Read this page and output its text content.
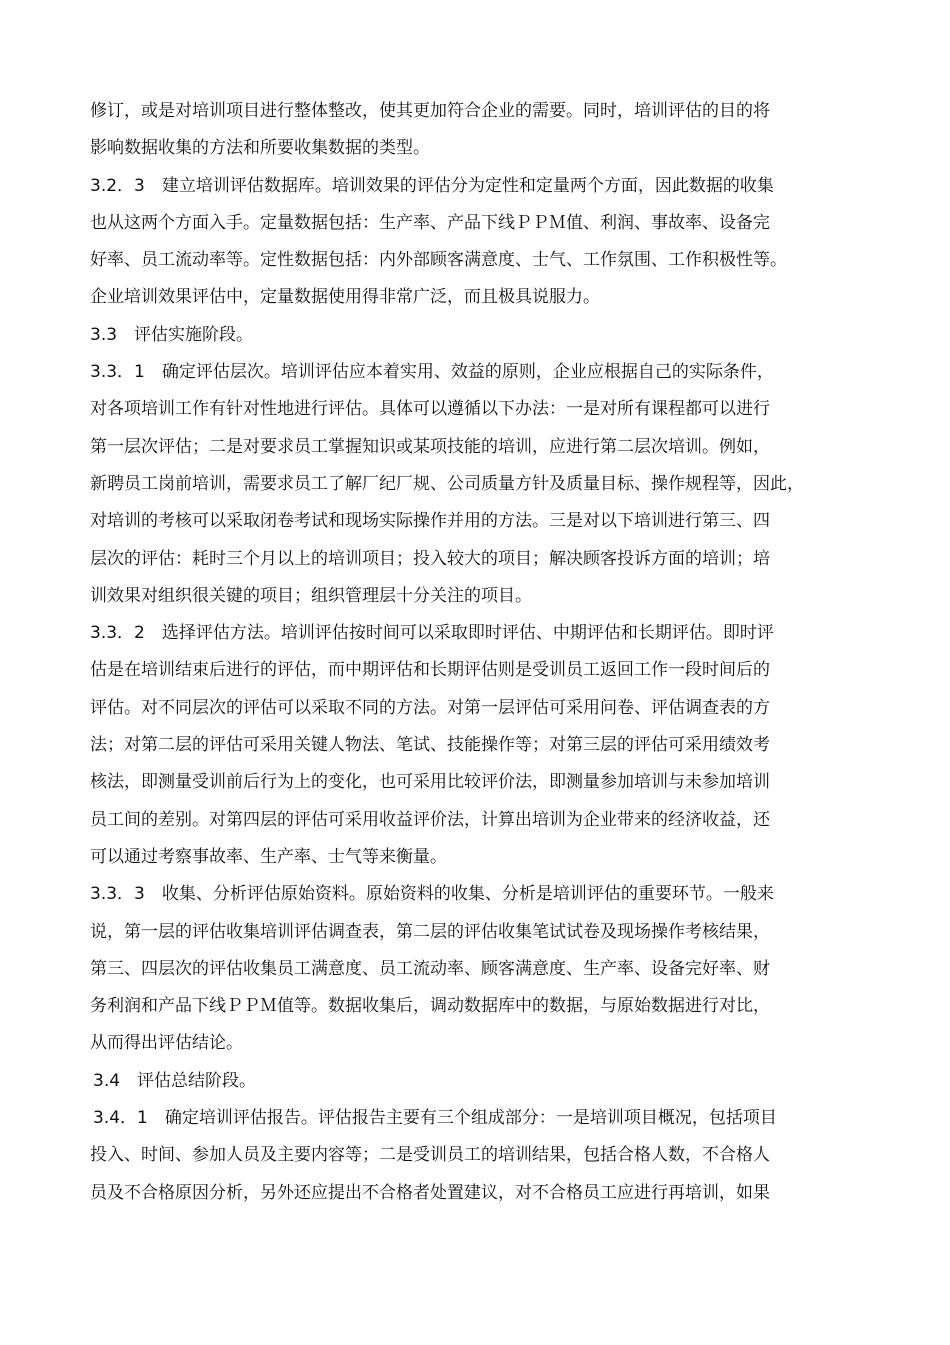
修订，或是对培训项目进行整体整改，使其更加符合企业的需要。同时，培训评估的目的将
影响数据收集的方法和所要收集数据的类型。
3.2．3　建立培训评估数据库。培训效果的评估分为定性和定量两个方面，因此数据的收集
也从这两个方面入手。定量数据包括：生产率、产品下线ＰＰＭ值、利润、事故率、设备完
好率、员工流动率等。定性数据包括：内外部顾客满意度、士气、工作氛围、工作积极性等。
企业培训效果评估中，定量数据使用得非常广泛，而且极具说服力。
3.3　评估实施阶段。
3.3．1　确定评估层次。培训评估应本着实用、效益的原则，企业应根据自己的实际条件，
对各项培训工作有针对性地进行评估。具体可以遵循以下办法：一是对所有课程都可以进行
第一层次评估；二是对要求员工掌握知识或某项技能的培训，应进行第二层次培训。例如，
新聘员工岗前培训，需要求员工了解厂纪厂规、公司质量方针及质量目标、操作规程等，因此，
对培训的考核可以采取闭卷考试和现场实际操作并用的方法。三是对以下培训进行第三、四
层次的评估：耗时三个月以上的培训项目；投入较大的项目；解决顾客投诉方面的培训；培
训效果对组织很关键的项目；组织管理层十分关注的项目。
3.3．2　选择评估方法。培训评估按时间可以采取即时评估、中期评估和长期评估。即时评
估是在培训结束后进行的评估，而中期评估和长期评估则是受训员工返回工作一段时间后的
评估。对不同层次的评估可以采取不同的方法。对第一层评估可采用问卷、评估调查表的方
法；对第二层的评估可采用关键人物法、笔试、技能操作等；对第三层的评估可采用绩效考
核法，即测量受训前后行为上的变化，也可采用比较评价法，即测量参加培训与未参加培训
员工间的差别。对第四层的评估可采用收益评价法，计算出培训为企业带来的经济收益，还
可以通过考察事故率、生产率、士气等来衡量。
3.3．3　收集、分析评估原始资料。原始资料的收集、分析是培训评估的重要环节。一般来
说，第一层的评估收集培训评估调查表，第二层的评估收集笔试试卷及现场操作考核结果，
第三、四层次的评估收集员工满意度、员工流动率、顾客满意度、生产率、设备完好率、财
务利润和产品下线ＰＰＭ值等。数据收集后，调动数据库中的数据，与原始数据进行对比，
从而得出评估结论。
3.4　评估总结阶段。
3.4．1　确定培训评估报告。评估报告主要有三个组成部分：一是培训项目概况，包括项目
投入、时间、参加人员及主要内容等；二是受训员工的培训结果，包括合格人数，不合格人
员及不合格原因分析，另外还应提出不合格者处置建议，对不合格员工应进行再培训，如果
